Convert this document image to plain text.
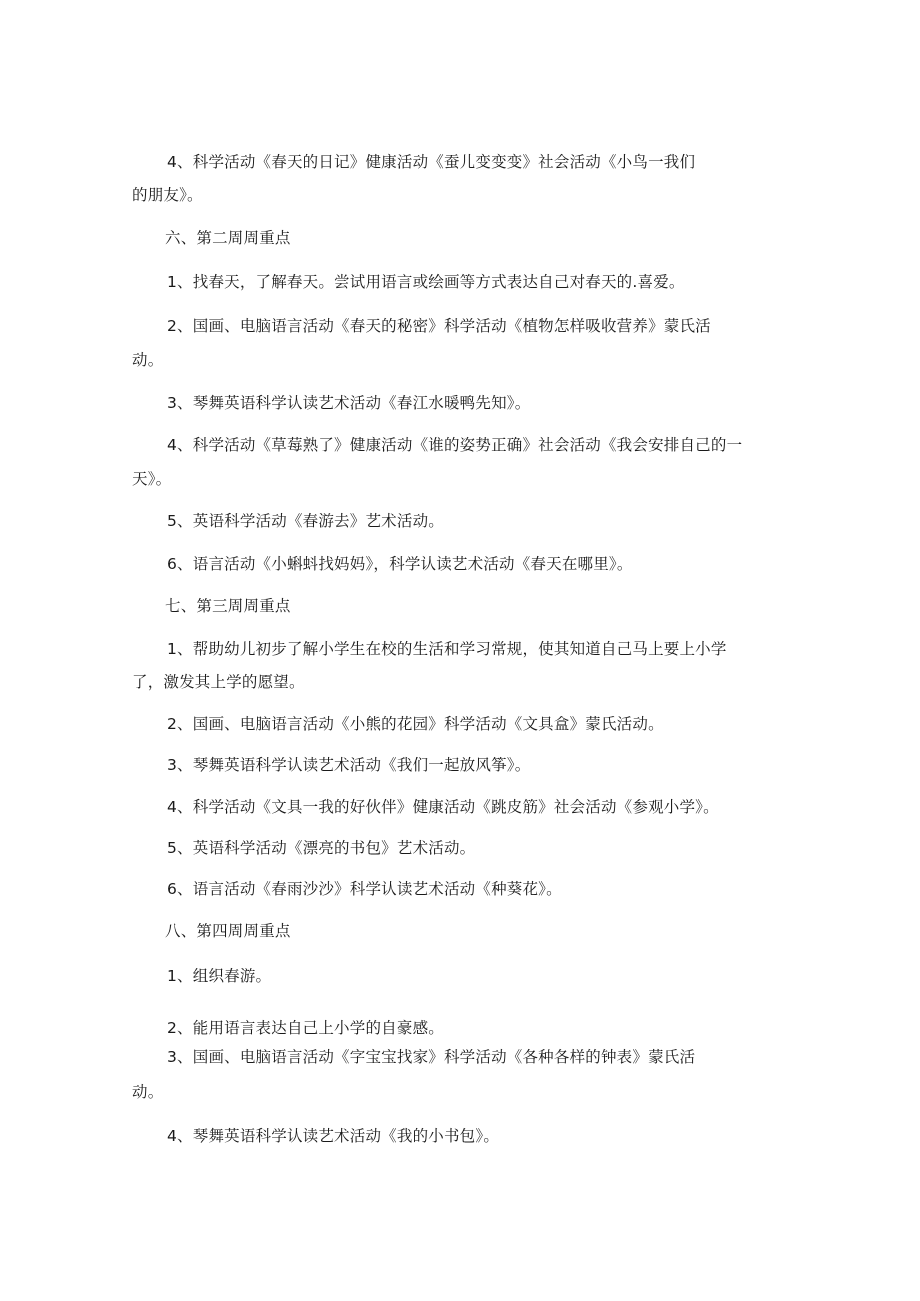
4、科学活动《春天的日记》健康活动《蚕儿变变变》社会活动《小鸟一我们
的朋友》。
六、第二周周重点
1、找春天，了解春天。尝试用语言或绘画等方式表达自己对春天的.喜爱。
2、国画、电脑语言活动《春天的秘密》科学活动《植物怎样吸收营养》蒙氏活
动。
3、琴舞英语科学认读艺术活动《春江水暖鸭先知》。
4、科学活动《草莓熟了》健康活动《谁的姿势正确》社会活动《我会安排自己的一
天》。
5、英语科学活动《春游去》艺术活动。
6、语言活动《小蝌蚪找妈妈》，科学认读艺术活动《春天在哪里》。
七、第三周周重点
1、帮助幼儿初步了解小学生在校的生活和学习常规，使其知道自己马上要上小学
了，激发其上学的愿望。
2、国画、电脑语言活动《小熊的花园》科学活动《文具盒》蒙氏活动。
3、琴舞英语科学认读艺术活动《我们一起放风筝》。
4、科学活动《文具一我的好伙伴》健康活动《跳皮筋》社会活动《参观小学》。
5、英语科学活动《漂亮的书包》艺术活动。
6、语言活动《春雨沙沙》科学认读艺术活动《种葵花》。
八、第四周周重点
1、组织春游。
2、能用语言表达自己上小学的自豪感。
3、国画、电脑语言活动《字宝宝找家》科学活动《各种各样的钟表》蒙氏活
动。
4、琴舞英语科学认读艺术活动《我的小书包》。
